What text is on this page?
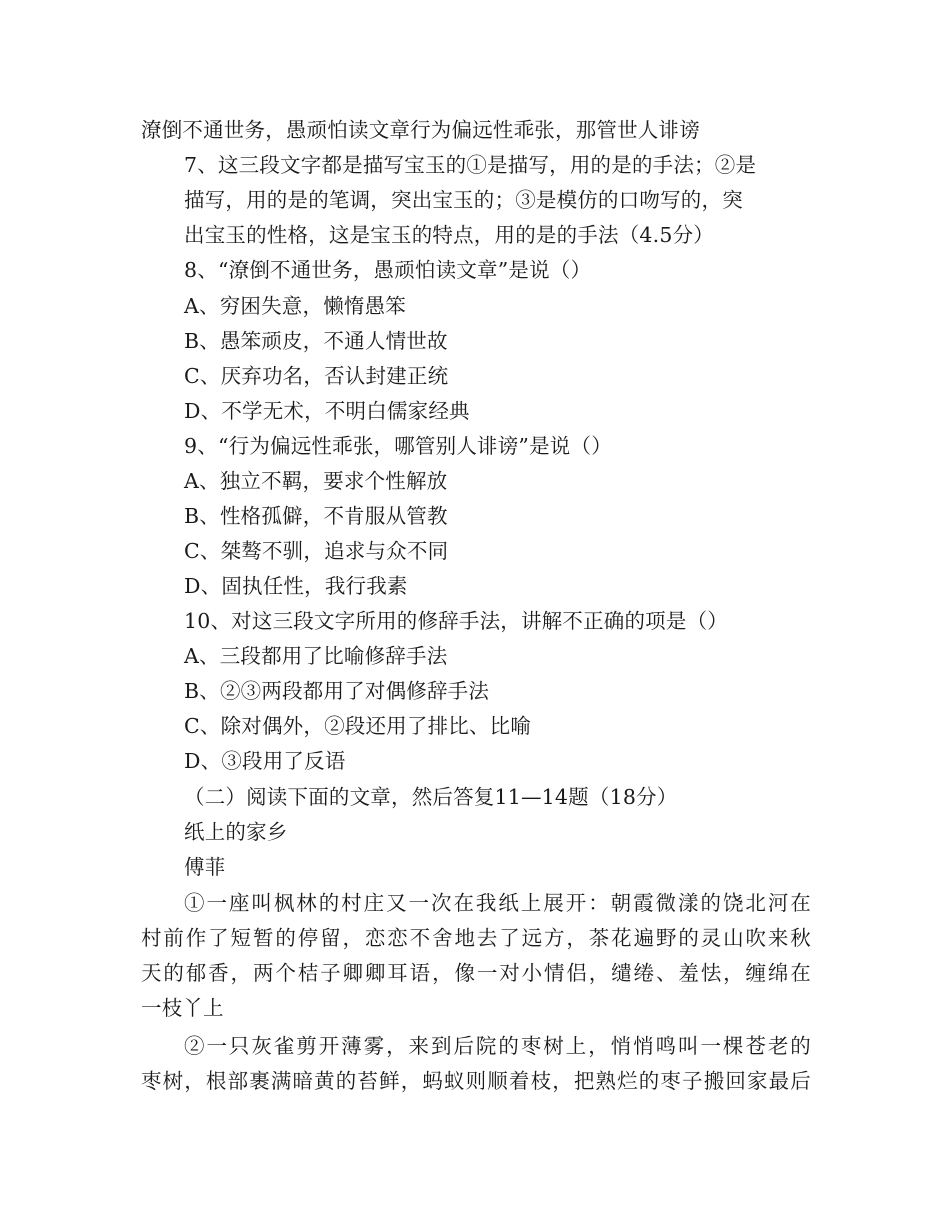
潦倒不通世务，愚顽怕读文章行为偏远性乖张，那管世人诽谤
7、这三段文字都是描写宝玉的①是描写，用的是的手法；②是
描写，用的是的笔调，突出宝玉的；③是模仿的口吻写的，突
出宝玉的性格，这是宝玉的特点，用的是的手法（4.5分）
8、“潦倒不通世务，愚顽怕读文章”是说（）
A、穷困失意，懒惰愚笨
B、愚笨顽皮，不通人情世故
C、厌弃功名，否认封建正统
D、不学无术，不明白儒家经典
9、“行为偏远性乖张，哪管别人诽谤”是说（）
A、独立不羁，要求个性解放
B、性格孤僻，不肯服从管教
C、桀骜不驯，追求与众不同
D、固执任性，我行我素
10、对这三段文字所用的修辞手法，讲解不正确的项是（）
A、三段都用了比喻修辞手法
B、②③两段都用了对偶修辞手法
C、除对偶外，②段还用了排比、比喻
D、③段用了反语
（二）阅读下面的文章，然后答复11—14题（18分）
纸上的家乡
傅菲
①一座叫枫林的村庄又一次在我纸上展开：朝霞微漾的饶北河在
村前作了短暂的停留，恋恋不舍地去了远方，茶花遍野的灵山吹来秋
天的郁香，两个桔子卿卿耳语，像一对小情侣，缱绻、羞怯，缠绵在
一枝丫上
②一只灰雀剪开薄雾，来到后院的枣树上，悄悄鸣叫一棵苍老的
枣树，根部裹满暗黄的苔鲜，蚂蚁则顺着枝，把熟烂的枣子搬回家最后
